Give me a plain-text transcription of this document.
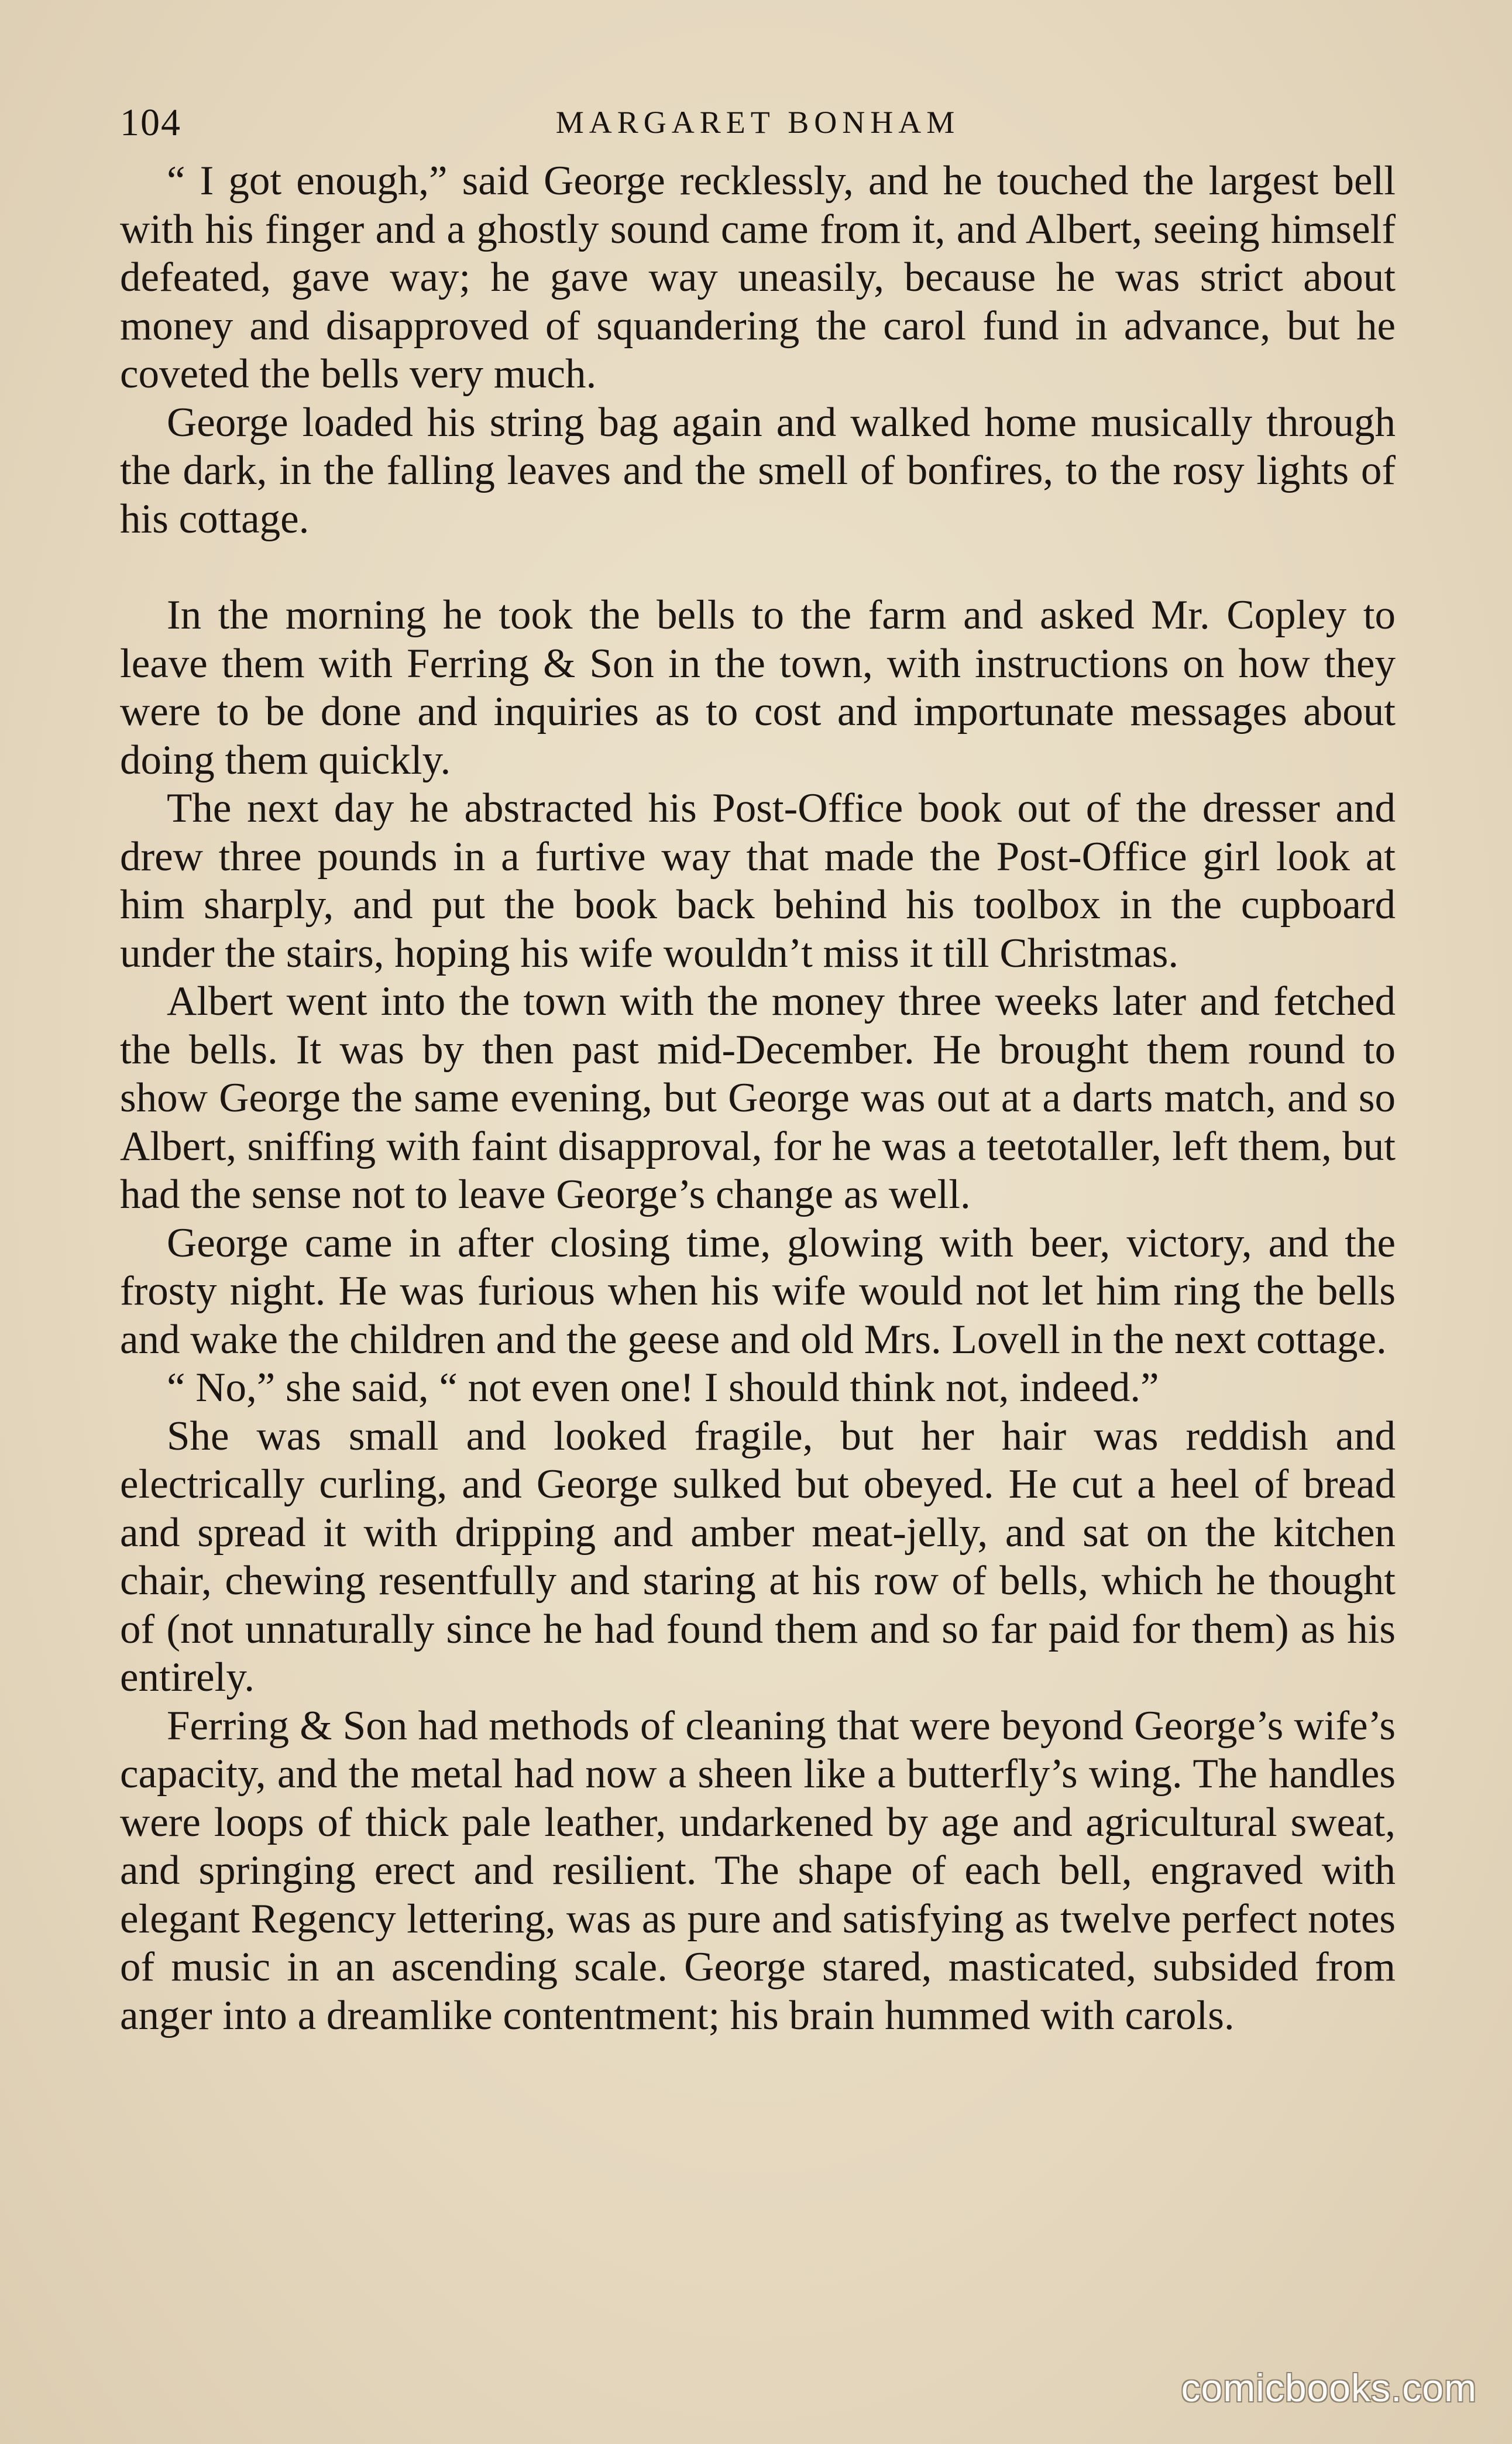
104	MARGARET BONHAM

“ I got enough,” said George recklessly, and he touched the largest bell with his finger and a ghostly sound came from it, and Albert, seeing himself defeated, gave way; he gave way uneasily, because he was strict about money and disapproved of squandering the carol fund in advance, but he coveted the bells very much.

George loaded his string bag again and walked home musically through the dark, in the falling leaves and the smell of bonfires, to the rosy lights of his cottage.

In the morning he took the bells to the farm and asked Mr. Copley to leave them with Ferring & Son in the town, with instructions on how they were to be done and inquiries as to cost and importunate messages about doing them quickly.

The next day he abstracted his Post-Office book out of the dresser and drew three pounds in a furtive way that made the Post-Office girl look at him sharply, and put the book back behind his toolbox in the cupboard under the stairs, hoping his wife wouldn’t miss it till Christmas.

Albert went into the town with the money three weeks later and fetched the bells. It was by then past mid-December. He brought them round to show George the same evening, but George was out at a darts match, and so Albert, sniffing with faint disapproval, for he was a teetotaller, left them, but had the sense not to leave George’s change as well.

George came in after closing time, glowing with beer, victory, and the frosty night. He was furious when his wife would not let him ring the bells and wake the children and the geese and old Mrs. Lovell in the next cottage.

“ No,” she said, “ not even one! I should think not, indeed.”

She was small and looked fragile, but her hair was reddish and electrically curling, and George sulked but obeyed. He cut a heel of bread and spread it with dripping and amber meat-jelly, and sat on the kitchen chair, chewing resentfully and staring at his row of bells, which he thought of (not unnaturally since he had found them and so far paid for them) as his entirely.

Ferring & Son had methods of cleaning that were beyond George’s wife’s capacity, and the metal had now a sheen like a butterfly’s wing. The handles were loops of thick pale leather, undarkened by age and agricultural sweat, and springing erect and resilient. The shape of each bell, engraved with elegant Regency lettering, was as pure and satisfying as twelve perfect notes of music in an ascending scale. George stared, masticated, subsided from anger into a dreamlike contentment; his brain hummed with carols.

comicbooks.com
